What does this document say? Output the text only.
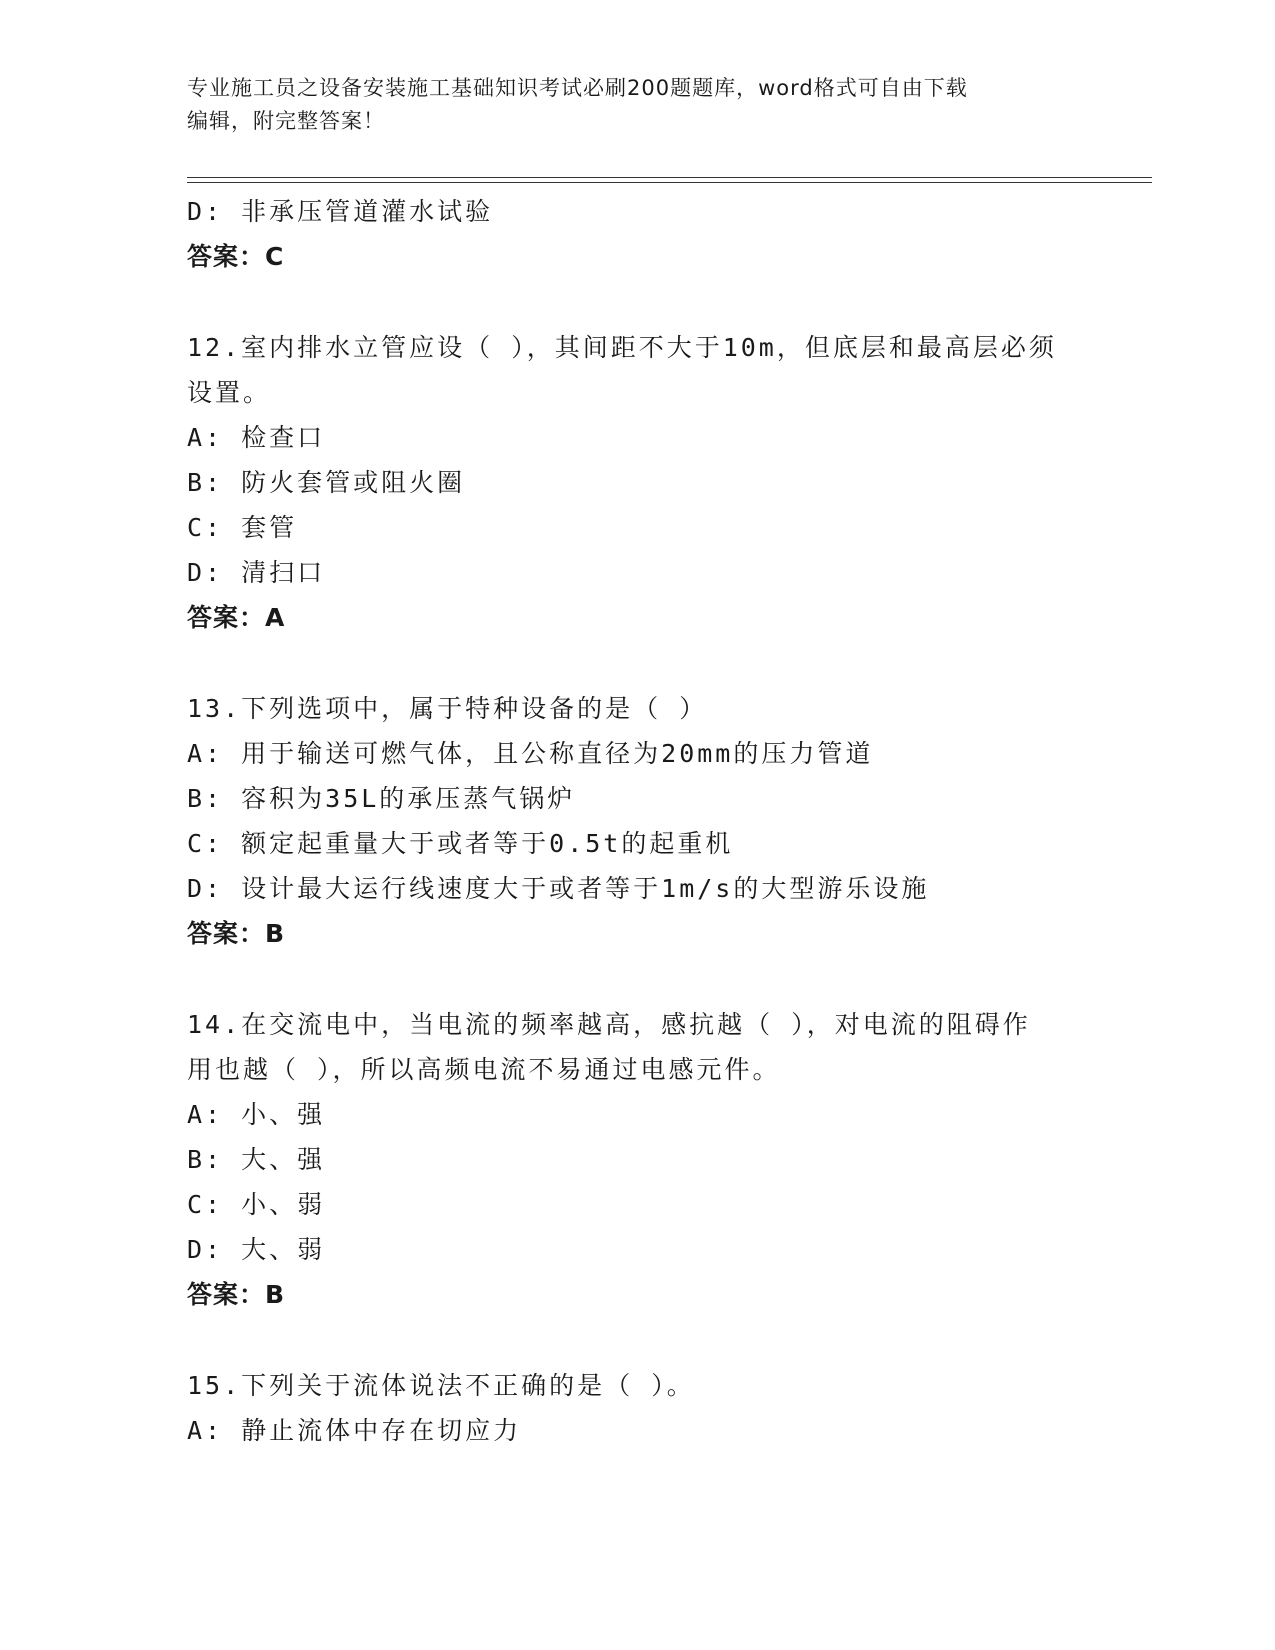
专业施工员之设备安装施工基础知识考试必刷200题题库，word格式可自由下载
编辑，附完整答案！
D: 非承压管道灌水试验
答案：C
12.室内排水立管应设（ ），其间距不大于10m，但底层和最高层必须
设置。
A: 检查口
B: 防火套管或阻火圈
C: 套管
D: 清扫口
答案：A
13.下列选项中，属于特种设备的是（ ）
A: 用于输送可燃气体，且公称直径为20mm的压力管道
B: 容积为35L的承压蒸气锅炉
C: 额定起重量大于或者等于0.5t的起重机
D: 设计最大运行线速度大于或者等于1m/s的大型游乐设施
答案：B
14.在交流电中，当电流的频率越高，感抗越（ ），对电流的阻碍作
用也越（ ），所以高频电流不易通过电感元件。
A: 小、强
B: 大、强
C: 小、弱
D: 大、弱
答案：B
15.下列关于流体说法不正确的是（ ）。
A: 静止流体中存在切应力
